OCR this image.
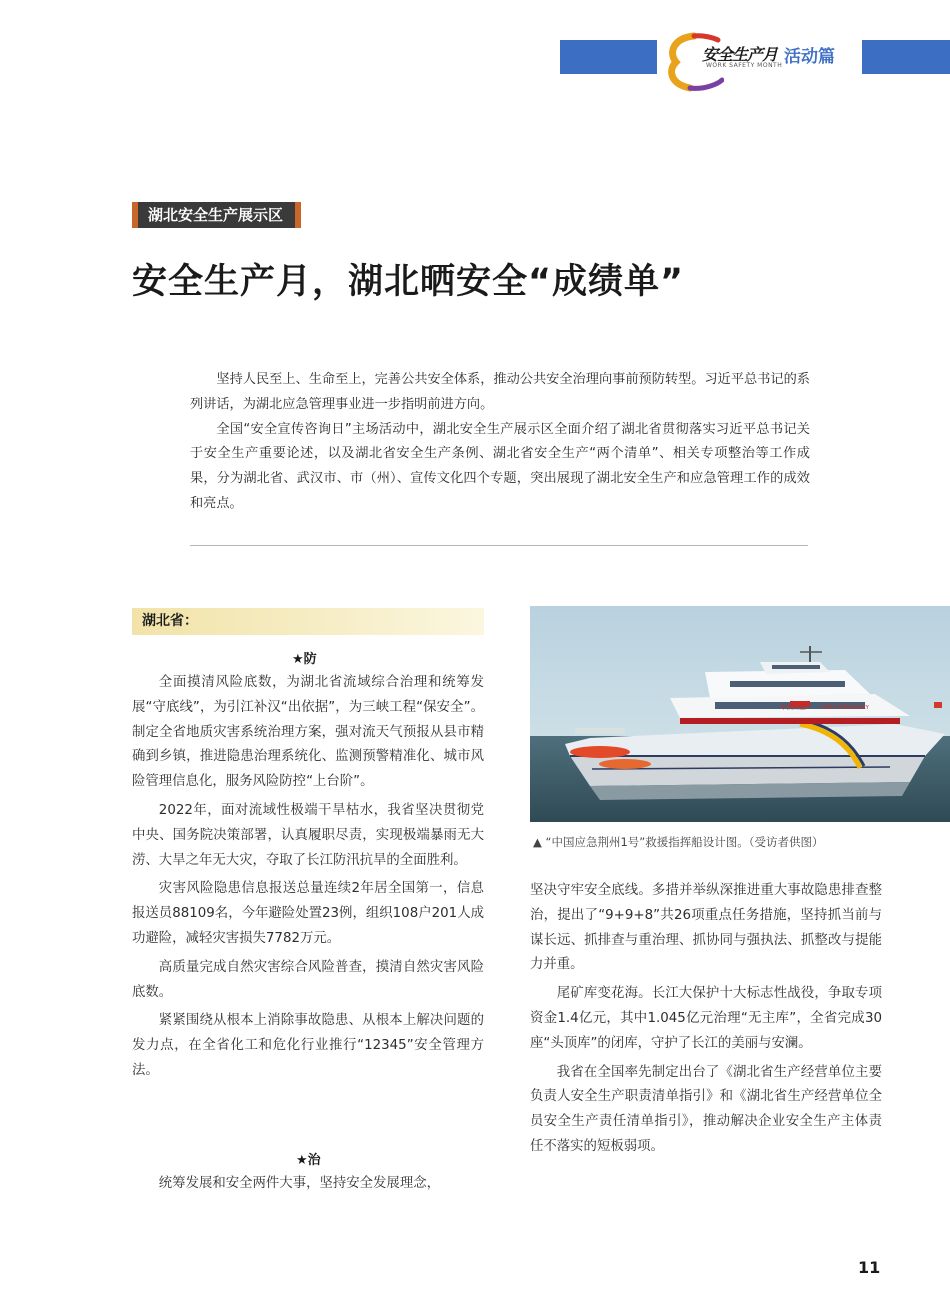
安全生产月
WORK SAFETY MONTH 活动篇
湖北安全生产展示区
安全生产月，湖北晒安全“成绩单”

坚持人民至上、生命至上，完善公共安全体系，推动公共安全治理向事前预防转型。习近平总书记的系列讲话，为湖北应急管理事业进一步指明前进方向。

全国“安全宣传咨询日”主场活动中，湖北安全生产展示区全面介绍了湖北省贯彻落实习近平总书记关于安全生产重要论述，以及湖北省安全生产条例、湖北省安全生产“两个清单”、相关专项整治等工作成果，分为湖北省、武汉市、市（州）、宣传文化四个专题，突出展现了湖北安全生产和应急管理工作的成效和亮点。

湖北省：
★防

全面摸清风险底数，为湖北省流域综合治理和统筹发展“守底线”，为引江补汉“出依据”，为三峡工程“保安全”。制定全省地质灾害系统治理方案，强对流天气预报从县市精确到乡镇，推进隐患治理系统化、监测预警精准化、城市风险管理信息化，服务风险防控“上台阶”。

2022年，面对流域性极端干旱枯水，我省坚决贯彻党中央、国务院决策部署，认真履职尽责，实现极端暴雨无大涝、大旱之年无大灾，夺取了长江防汛抗旱的全面胜利。

灾害风险隐患信息报送总量连续2年居全国第一，信息报送员88109名，今年避险处置23例，组织108户201人成功避险，减轻灾害损失7782万元。

高质量完成自然灾害综合风险普查，摸清自然灾害风险底数。

紧紧围绕从根本上消除事故隐患、从根本上解决问题的发力点，在全省化工和危化行业推行“12345”安全管理方法。

★治

统筹发展和安全两件大事，坚持安全发展理念，

中国应急	CHINA EMERGENCY
▲ “中国应急荆州1号”救援指挥船设计图。（受访者供图）

坚决守牢安全底线。多措并举纵深推进重大事故隐患排查整治，提出了“9+9+8”共26项重点任务措施，坚持抓当前与谋长远、抓排查与重治理、抓协同与强执法、抓整改与提能力并重。

尾矿库变花海。长江大保护十大标志性战役，争取专项资金1.4亿元，其中1.045亿元治理“无主库”，全省完成30座“头顶库”的闭库，守护了长江的美丽与安澜。

我省在全国率先制定出台了《湖北省生产经营单位主要负责人安全生产职责清单指引》和《湖北省生产经营单位全员安全生产责任清单指引》，推动解决企业安全生产主体责任不落实的短板弱项。

11
